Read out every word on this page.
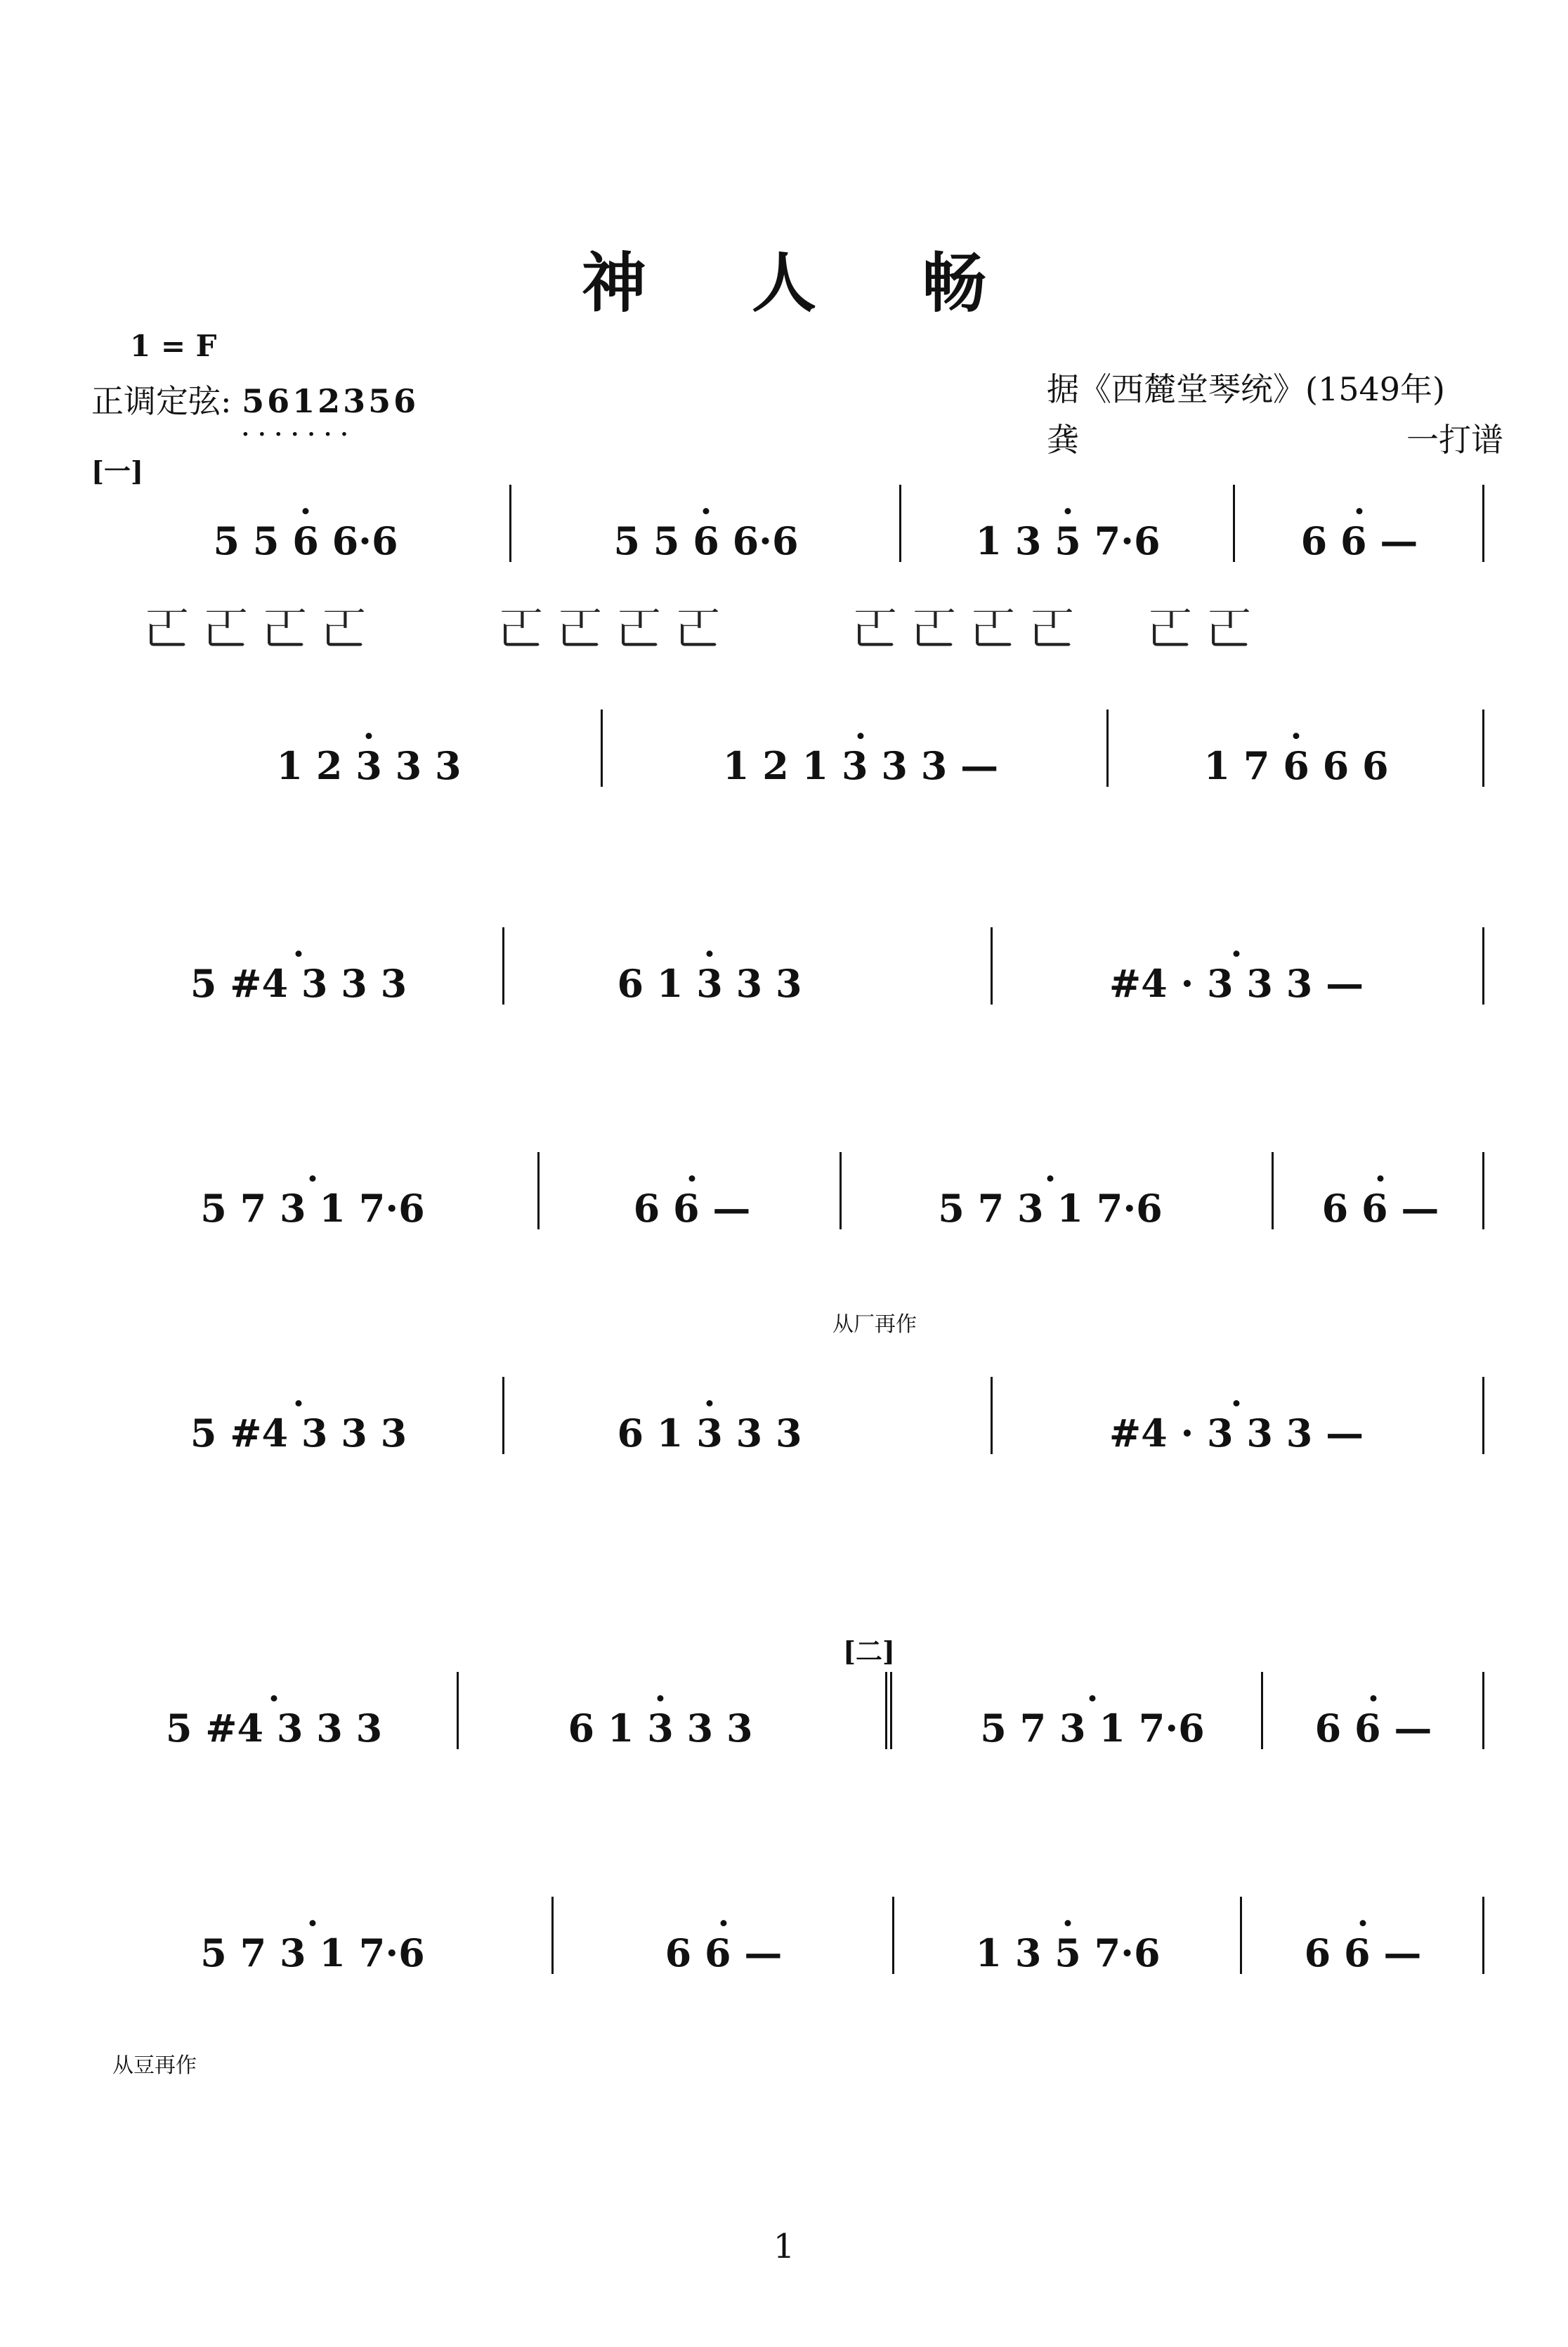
神人畅
1 = F
正调定弦: 5612356
·······
据《西麓堂琴统》(1549年)
龚	一打谱
[一]
[二]
· 5 5 6 6·6	· 5 5 6 6·6	· 1 3 5 7·6	· 6 6 —
𠀀𠀀𠀀𠀀　　𠀀𠀀𠀀𠀀　　𠀀𠀀𠀀𠀀　𠀀𠀀
· 1 2 3 3 3	· 1 2 1 3 3 3 —	· 1 7 6 6 6
· 5 #4 3 3 3	· 6 1 3 3 3	· #4 · 3 3 3 —
· 5 7 3 1 7·6	· 6 6 —	· 5 7 3 1 7·6	· 6 6 —
从厂再作
· 5 #4 3 3 3	· 6 1 3 3 3	· #4 · 3 3 3 —
· 5 #4 3 3 3	· 6 1 3 3 3	· 5 7 3 1 7·6	· 6 6 —
· 5 7 3 1 7·6	· 6 6 —	· 1 3 5 7·6	· 6 6 —
从豆再作
1
